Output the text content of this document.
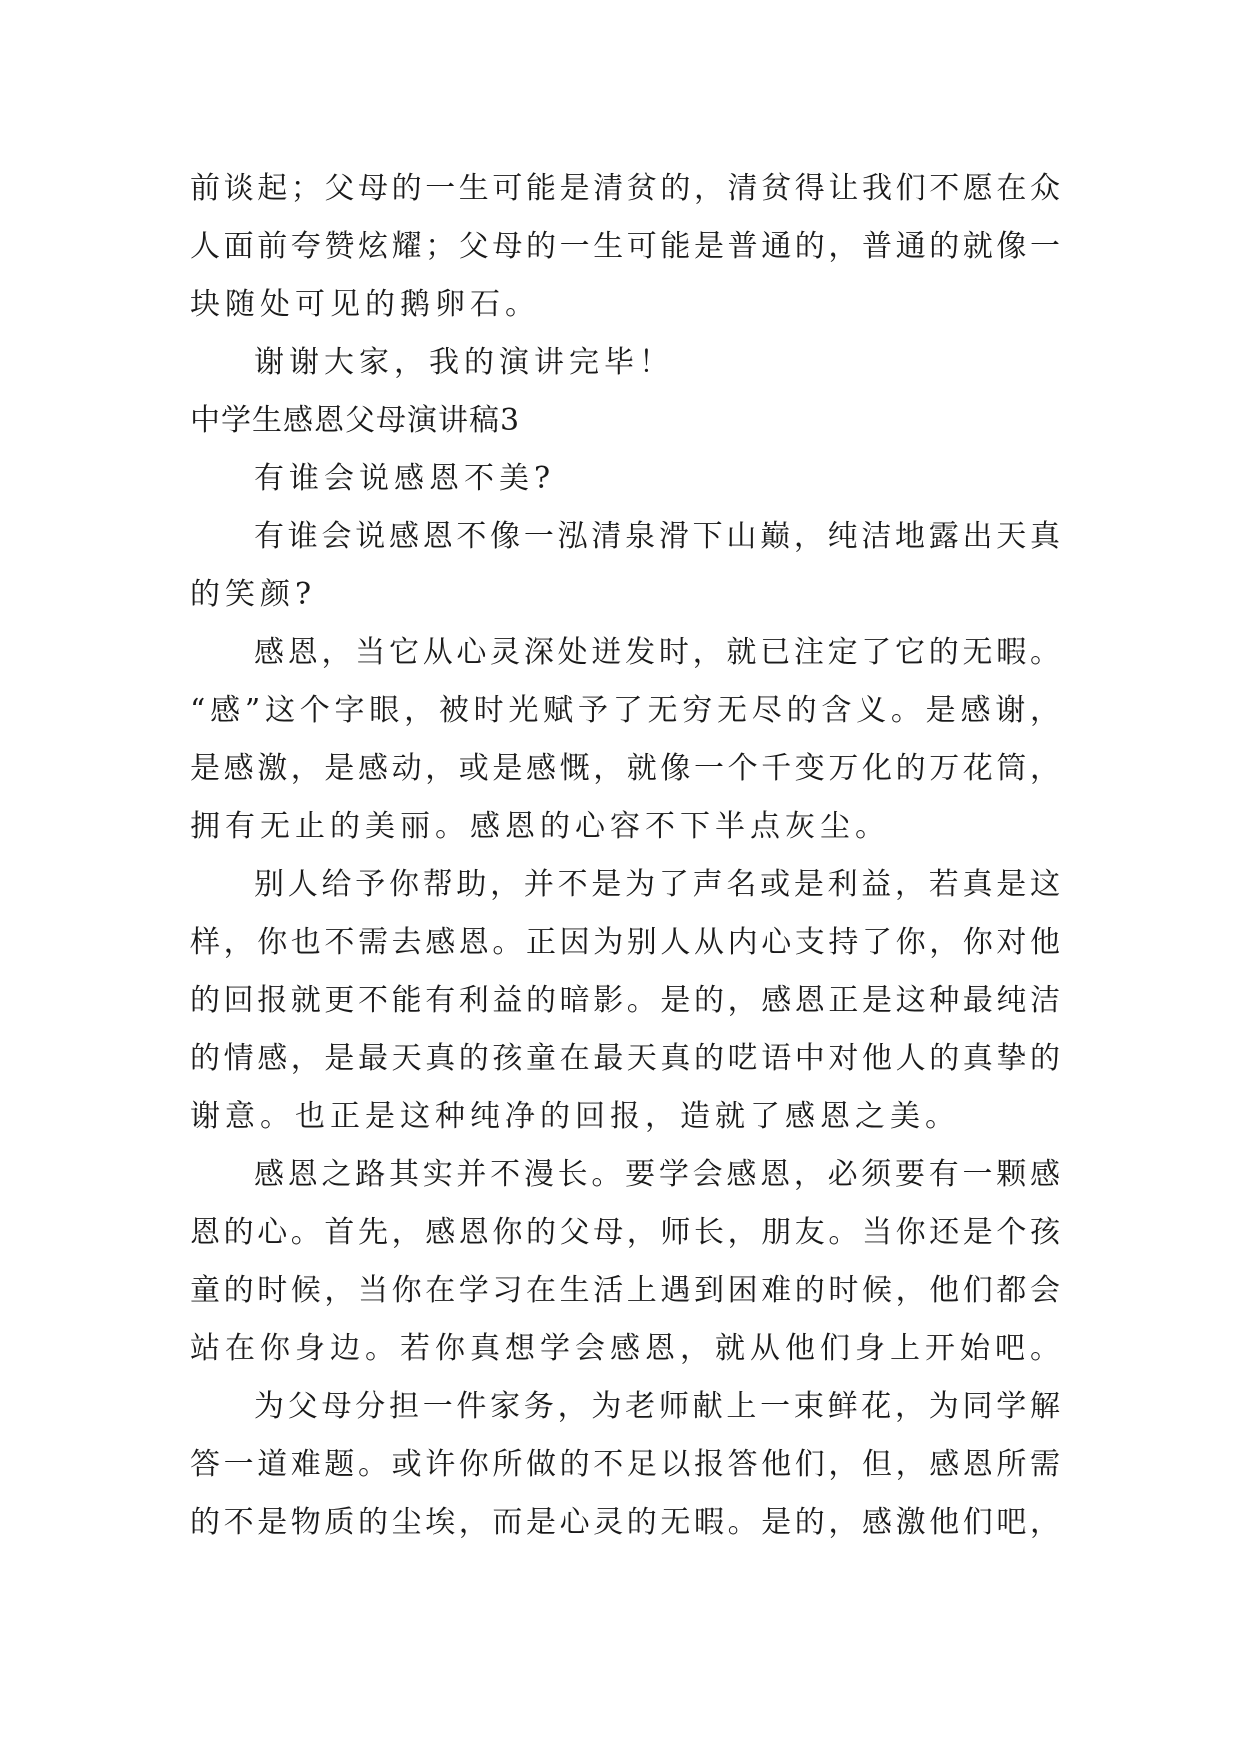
前谈起；父母的一生可能是清贫的，清贫得让我们不愿在众
人面前夸赞炫耀；父母的一生可能是普通的，普通的就像一
块随处可见的鹅卵石。
谢谢大家，我的演讲完毕！
中学生感恩父母演讲稿3
有谁会说感恩不美?
有谁会说感恩不像一泓清泉滑下山巅，纯洁地露出天真
的笑颜?
感恩，当它从心灵深处迸发时，就已注定了它的无暇。
“感”这个字眼，被时光赋予了无穷无尽的含义。是感谢，
是感激，是感动，或是感慨，就像一个千变万化的万花筒，
拥有无止的美丽。感恩的心容不下半点灰尘。
别人给予你帮助，并不是为了声名或是利益，若真是这
样，你也不需去感恩。正因为别人从内心支持了你，你对他
的回报就更不能有利益的暗影。是的，感恩正是这种最纯洁
的情感，是最天真的孩童在最天真的呓语中对他人的真挚的
谢意。也正是这种纯净的回报，造就了感恩之美。
感恩之路其实并不漫长。要学会感恩，必须要有一颗感
恩的心。首先，感恩你的父母，师长，朋友。当你还是个孩
童的时候，当你在学习在生活上遇到困难的时候，他们都会
站在你身边。若你真想学会感恩，就从他们身上开始吧。
为父母分担一件家务，为老师献上一束鲜花，为同学解
答一道难题。或许你所做的不足以报答他们，但，感恩所需
的不是物质的尘埃，而是心灵的无暇。是的，感激他们吧，
